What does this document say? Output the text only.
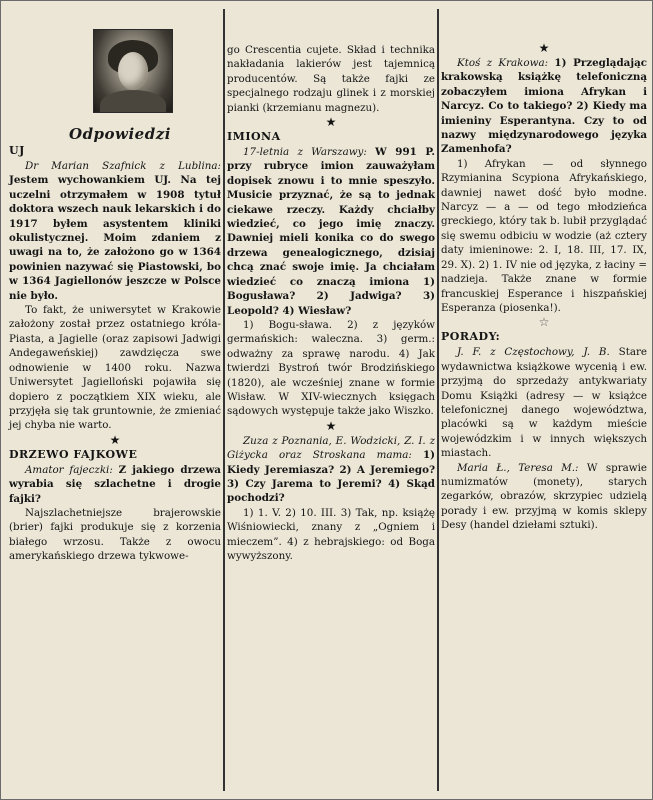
Odpowiedzi
UJ

Dr Marian Szafnick z Lublina: Jestem wychowankiem UJ. Na tej uczelni otrzymałem w 1908 tytuł doktora wszech nauk lekarskich i do 1917 byłem asystentem kliniki okulistycznej. Moim zdaniem z uwagi na to, że założono go w 1364 powinien nazywać się Piastowski, bo w 1364 Jagiellonów jeszcze w Polsce nie było.

To fakt, że uniwersytet w Krakowie założony został przez ostatniego króla-Piasta, a Jagielle (oraz zapisowi Jadwigi Andegaweńskiej) zawdzięcza swe odnowienie w 1400 roku. Nazwa Uniwersytet Jagielloński pojawiła się dopiero z początkiem XIX wieku, ale przyjęła się tak gruntownie, że zmieniać jej chyba nie warto.

★
DRZEWO FAJKOWE

Amator fajeczki: Z jakiego drzewa wyrabia się szlachetne i drogie fajki?

Najszlachetniejsze brajerowskie (brier) fajki produkuje się z korzenia białego wrzosu. Także z owocu amerykańskiego drzewa tykwowe-

go Crescentia cujete. Skład i technika nakładania lakierów jest tajemnicą producentów. Są także fajki ze specjalnego rodzaju glinek i z morskiej pianki (krzemianu magnezu).

★
IMIONA

17-letnia z Warszawy: W 991 P. przy rubryce imion zauważyłam dopisek znowu i to mnie speszyło. Musicie przyznać, że są to jednak ciekawe rzeczy. Każdy chciałby wiedzieć, co jego imię znaczy. Dawniej mieli konika co do swego drzewa genealogicznego, dzisiaj chcą znać swoje imię. Ja chciałam wiedzieć co znaczą imiona 1) Bogusława? 2) Jadwiga? 3) Leopold? 4) Wiesław?

1) Bogu-sława. 2) z języków germańskich: waleczna. 3) germ.: odważny za sprawę narodu. 4) Jak twierdzi Bystroń twór Brodzińskiego (1820), ale wcześniej znane w formie Wisław. W XIV-wiecznych księgach sądowych występuje także jako Wiszko.

★

Zuza z Poznania, E. Wodzicki, Z. I. z Giżycka oraz Stroskana mama: 1) Kiedy Jeremiasza? 2) A Jeremiego? 3) Czy Jarema to Jeremi? 4) Skąd pochodzi?

1) 1. V. 2) 10. III. 3) Tak, np. książę Wiśniowiecki, znany z „Ogniem i mieczem”. 4) z hebrajskiego: od Boga wywyższony.

★

Ktoś z Krakowa: 1) Przeglądając krakowską książkę telefoniczną zobaczyłem imiona Afrykan i Narcyz. Co to takiego? 2) Kiedy ma imieniny Esperantyna. Czy to od nazwy międzynarodowego języka Zamenhofa?

1) Afrykan — od słynnego Rzymianina Scypiona Afrykańskiego, dawniej nawet dość było modne. Narcyz — a — od tego młodzieńca greckiego, który tak b. lubił przyglądać się swemu odbiciu w wodzie (aż cztery daty imieninowe: 2. I, 18. III, 17. IX, 29. X). 2) 1. IV nie od języka, z łaciny = nadzieja. Także znane w formie francuskiej Esperance i hiszpańskiej Esperanza (piosenka!).

☆
PORADY:

J. F. z Częstochowy, J. B. Stare wydawnictwa książkowe wycenią i ew. przyjmą do sprzedaży antykwariaty Domu Książki (adresy — w książce telefonicznej danego województwa, placówki są w każdym mieście wojewódzkim i w innych większych miastach.

Maria Ł., Teresa M.: W sprawie numizmatów (monety), starych zegarków, obrazów, skrzypiec udzielą porady i ew. przyjmą w komis sklepy Desy (handel dziełami sztuki).
